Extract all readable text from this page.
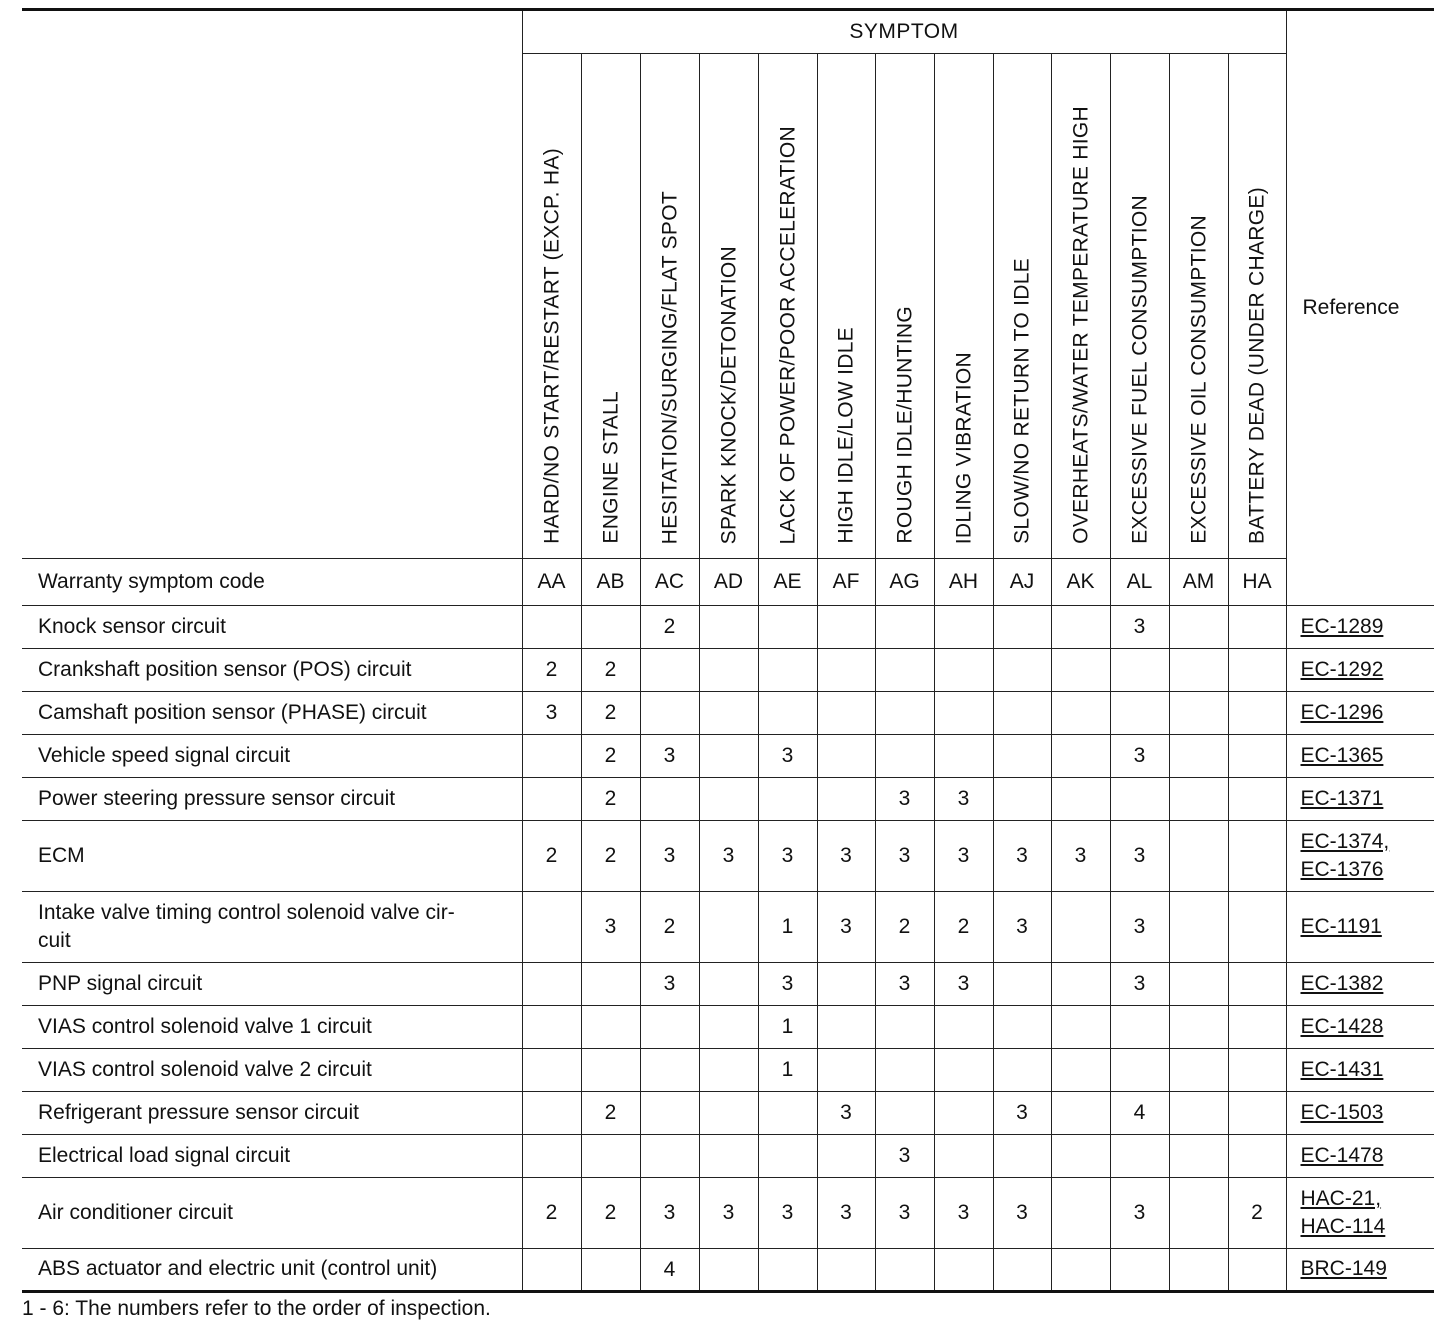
	SYMPTOM													Reference

	HARD/NO START/RESTART (EXCP. HA)	ENGINE STALL	HESITATION/SURGING/FLAT SPOT	SPARK KNOCK/DETONATION	LACK OF POWER/POOR ACCELERATION	HIGH IDLE/LOW IDLE	ROUGH IDLE/HUNTING	IDLING VIBRATION	SLOW/NO RETURN TO IDLE	OVERHEATS/WATER TEMPERATURE HIGH	EXCESSIVE FUEL CONSUMPTION	EXCESSIVE OIL CONSUMPTION	BATTERY DEAD (UNDER CHARGE)	

Warranty symptom code	AA	AB	AC	AD	AE	AF	AG	AH	AJ	AK	AL	AM	HA	
Knock sensor circuit			2								3			EC-1289
Crankshaft position sensor (POS) circuit	2	2												EC-1292
Camshaft position sensor (PHASE) circuit	3	2												EC-1296
Vehicle speed signal circuit		2	3		3						3			EC-1365
Power steering pressure sensor circuit		2					3	3						EC-1371
ECM	2	2	3	3	3	3	3	3	3	3	3			EC-1374,
EC-1376
Intake valve timing control solenoid valve cir-
cuit		3	2		1	3	2	2	3		3			EC-1191
PNP signal circuit			3		3		3	3			3			EC-1382
VIAS control solenoid valve 1 circuit					1									EC-1428
VIAS control solenoid valve 2 circuit					1									EC-1431
Refrigerant pressure sensor circuit		2				3			3		4			EC-1503
Electrical load signal circuit							3							EC-1478
Air conditioner circuit	2	2	3	3	3	3	3	3	3		3		2	HAC-21,
HAC-114
ABS actuator and electric unit (control unit)			4											BRC-149
1 - 6: The numbers refer to the order of inspection.
